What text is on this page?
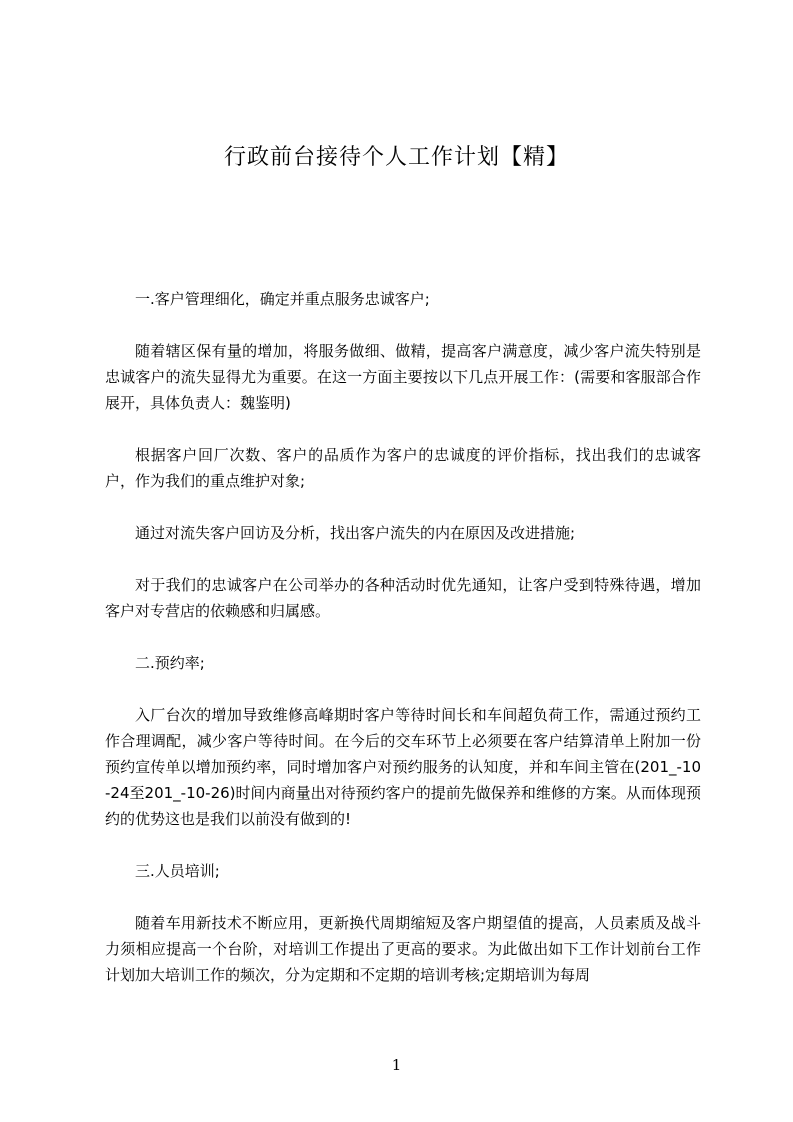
行政前台接待个人工作计划【精】

一.客户管理细化，确定并重点服务忠诚客户;

随着辖区保有量的增加，将服务做细、做精，提高客户满意度，减少客户流失特别是忠诚客户的流失显得尤为重要。在这一方面主要按以下几点开展工作：(需要和客服部合作展开，具体负责人：魏鉴明)

根据客户回厂次数、客户的品质作为客户的忠诚度的评价指标，找出我们的忠诚客户，作为我们的重点维护对象;

通过对流失客户回访及分析，找出客户流失的内在原因及改进措施;

对于我们的忠诚客户在公司举办的各种活动时优先通知，让客户受到特殊待遇，增加客户对专营店的依赖感和归属感。

二.预约率;

入厂台次的增加导致维修高峰期时客户等待时间长和车间超负荷工作，需通过预约工作合理调配，减少客户等待时间。在今后的交车环节上必须要在客户结算清单上附加一份预约宣传单以增加预约率，同时增加客户对预约服务的认知度，并和车间主管在(201_-10-24至201_-10-26)时间内商量出对待预约客户的提前先做保养和维修的方案。从而体现预约的优势这也是我们以前没有做到的!

三.人员培训;

随着车用新技术不断应用，更新换代周期缩短及客户期望值的提高，人员素质及战斗力须相应提高一个台阶，对培训工作提出了更高的要求。为此做出如下工作计划前台工作计划加大培训工作的频次，分为定期和不定期的培训考核;定期培训为每周

1
